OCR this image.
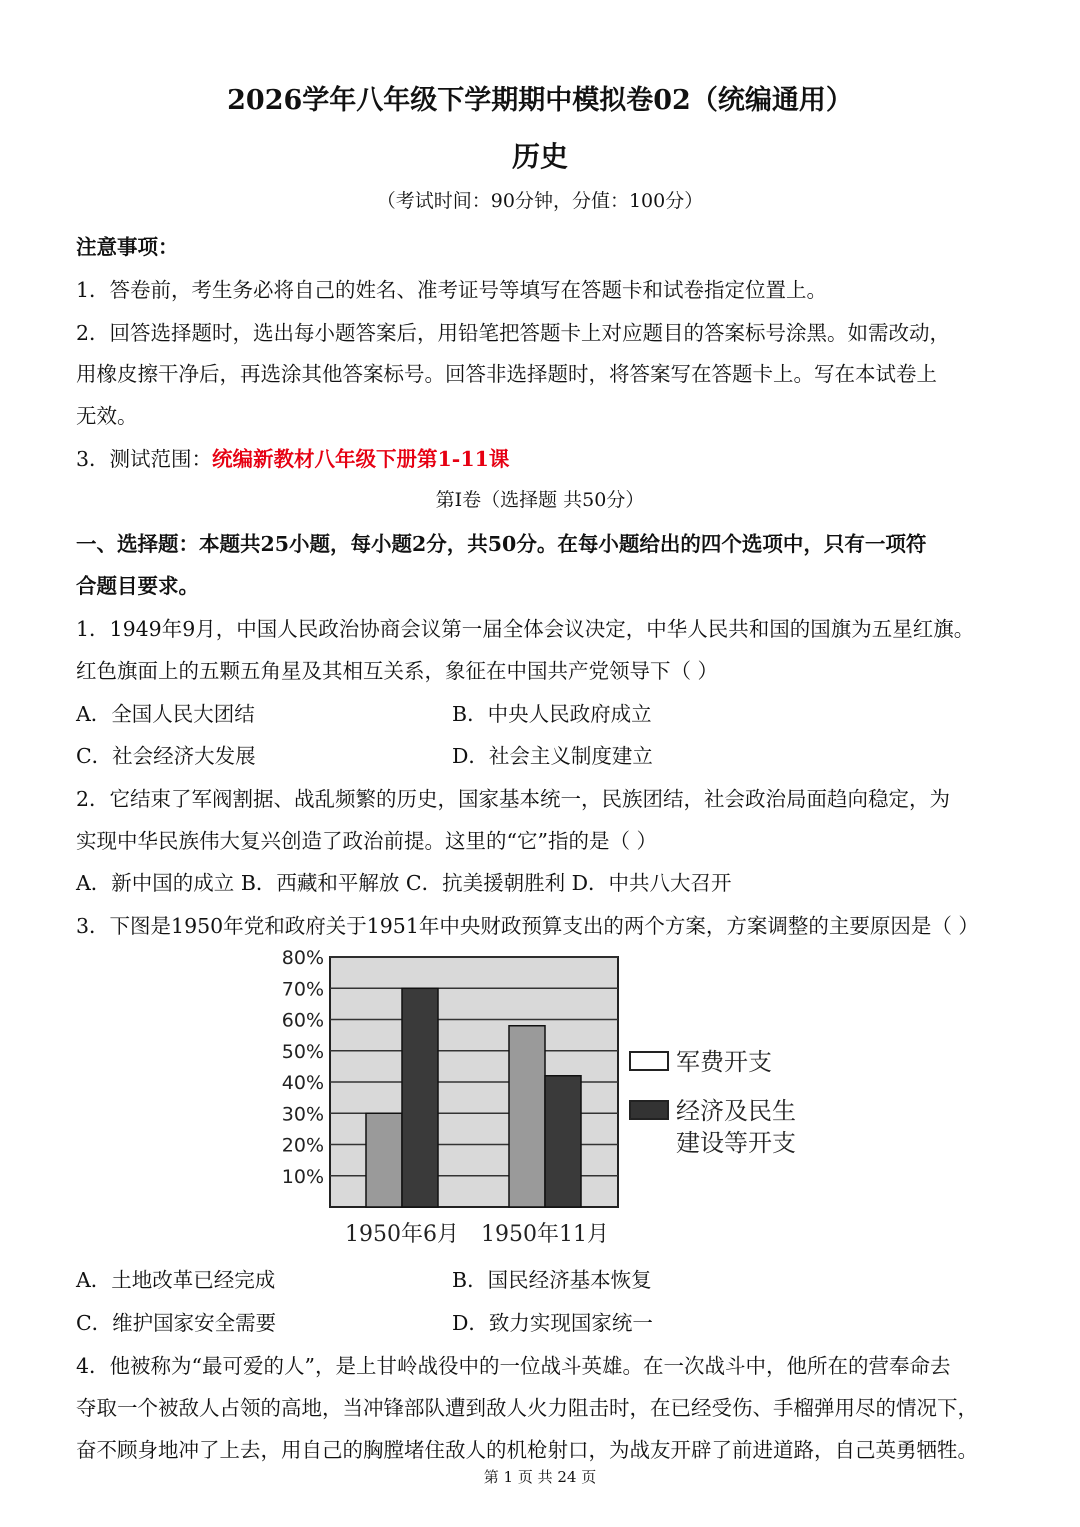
2026学年八年级下学期期中模拟卷02（统编通用）
历史
（考试时间：90分钟，分值：100分）
注意事项：
1．答卷前，考生务必将自己的姓名、准考证号等填写在答题卡和试卷指定位置上。
2．回答选择题时，选出每小题答案后，用铅笔把答题卡上对应题目的答案标号涂黑。如需改动，
用橡皮擦干净后，再选涂其他答案标号。回答非选择题时，将答案写在答题卡上。写在本试卷上
无效。
3．测试范围：统编新教材八年级下册第1-11课
第Ⅰ卷（选择题 共50分）
一、选择题：本题共25小题，每小题2分，共50分。在每小题给出的四个选项中，只有一项符
合题目要求。
1．1949年9月，中国人民政治协商会议第一届全体会议决定，中华人民共和国的国旗为五星红旗。
红色旗面上的五颗五角星及其相互关系，象征在中国共产党领导下（ ）
A．全国人民大团结	B．中央人民政府成立
C．社会经济大发展	D．社会主义制度建立
2．它结束了军阀割据、战乱频繁的历史，国家基本统一，民族团结，社会政治局面趋向稳定，为
实现中华民族伟大复兴创造了政治前提。这里的“它”指的是（ ）
A．新中国的成立 B．西藏和平解放 C．抗美援朝胜利 D．中共八大召开
3．下图是1950年党和政府关于1951年中央财政预算支出的两个方案，方案调整的主要原因是（ ）
10%
20%
30%
40%
50%
60%
70%
80%
1950年6月 1950年11月
军费开支
经济及民生
建设等开支
A．土地改革已经完成	B．国民经济基本恢复
C．维护国家安全需要	D．致力实现国家统一
4．他被称为“最可爱的人”，是上甘岭战役中的一位战斗英雄。在一次战斗中，他所在的营奉命去
夺取一个被敌人占领的高地，当冲锋部队遭到敌人火力阻击时，在已经受伤、手榴弹用尽的情况下，
奋不顾身地冲了上去，用自己的胸膛堵住敌人的机枪射口，为战友开辟了前进道路，自己英勇牺牲。
第 1 页 共 24 页
